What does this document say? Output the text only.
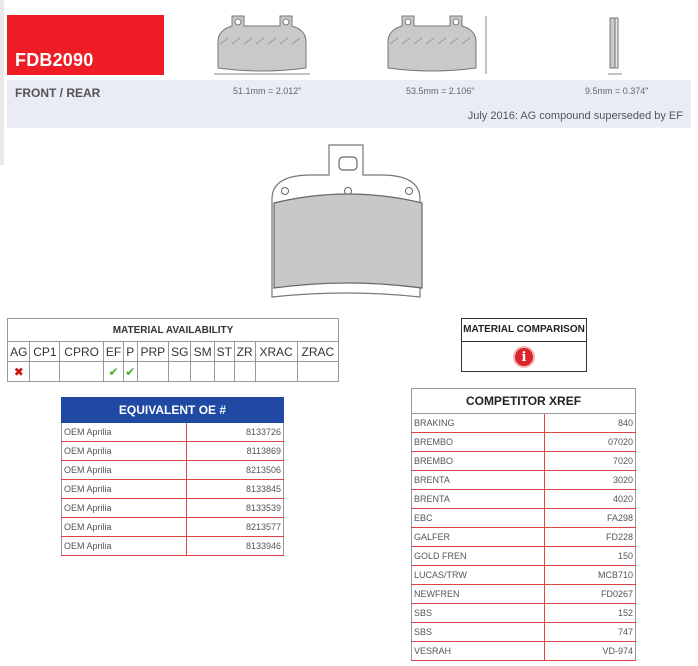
FDB2090
FRONT / REAR	51.1mm = 2.012"	53.5mm = 2.106"	9.5mm = 0.374"
July 2016: AG compound superseded by EF
MATERIAL AVAILABILITY											
AG	CP1	CPRO	EF	P	PRP	SG	SM	ST	ZR	XRAC	ZRAC
✖			✔	✔							
MATERIAL COMPARISON
i
EQUIVALENT OE #	
OEM Aprilia	8133726
OEM Aprilia	8113869
OEM Aprilia	8213506
OEM Aprilia	8133845
OEM Aprilia	8133539
OEM Aprilia	8213577
OEM Aprilia	8133946
COMPETITOR XREF	
BRAKING	840
BREMBO	07020
BREMBO	7020
BRENTA	3020
BRENTA	4020
EBC	FA298
GALFER	FD228
GOLD FREN	150
LUCAS/TRW	MCB710
NEWFREN	FD0267
SBS	152
SBS	747
VESRAH	VD-974
